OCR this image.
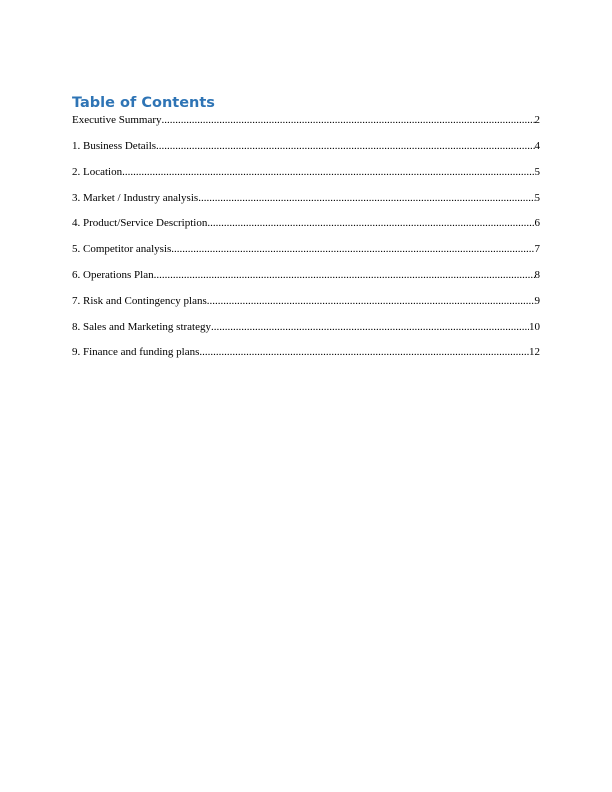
Table of Contents
Executive Summary .....	2
1. Business Details .....	4
2. Location .....	5
3. Market / Industry analysis .....	5
4. Product/Service Description .....	6
5. Competitor analysis .....	7
6. Operations Plan .....	8
7. Risk and Contingency plans .....	9
8. Sales and Marketing strategy .....	10
9. Finance and funding plans .....	12
